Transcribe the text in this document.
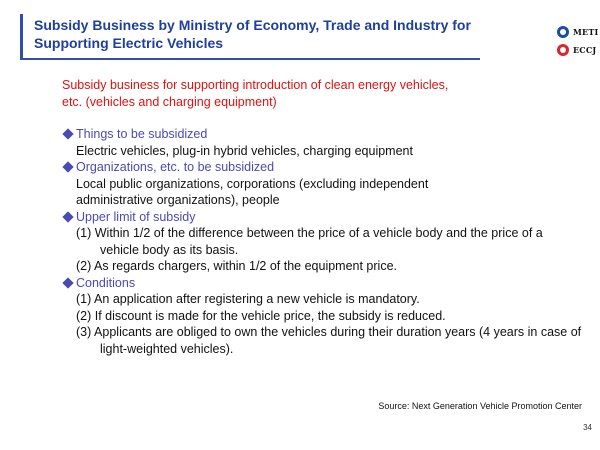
Subsidy Business by Ministry of Economy, Trade and Industry for
Supporting Electric Vehicles
METI
ECCJ
Subsidy business for supporting introduction of clean energy vehicles,
etc. (vehicles and charging equipment)
Things to be subsidized
Electric vehicles, plug-in hybrid vehicles, charging equipment
Organizations, etc. to be subsidized
Local public organizations, corporations (excluding independent
administrative organizations), people
Upper limit of subsidy
(1) Within 1/2 of the difference between the price of a vehicle body and the price of a vehicle body as its basis.
(2) As regards chargers, within 1/2 of the equipment price.
Conditions
(1) An application after registering a new vehicle is mandatory.
(2) If discount is made for the vehicle price, the subsidy is reduced.
(3) Applicants are obliged to own the vehicles during their duration years (4 years in case of light-weighted vehicles).
Source: Next Generation Vehicle Promotion Center
34
